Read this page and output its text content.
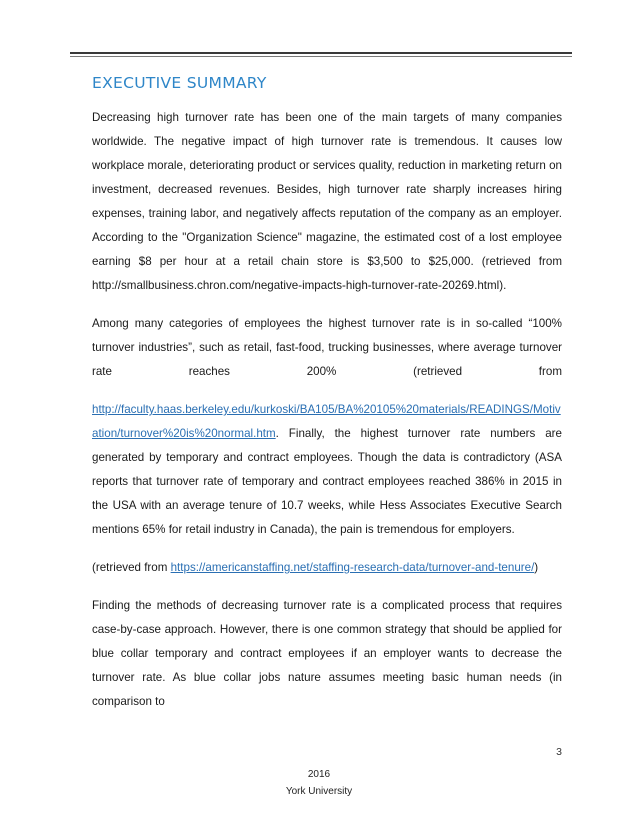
EXECUTIVE SUMMARY

Decreasing high turnover rate has been one of the main targets of many companies worldwide. The negative impact of high turnover rate is tremendous. It causes low workplace morale, deteriorating product or services quality, reduction in marketing return on investment, decreased revenues. Besides, high turnover rate sharply increases hiring expenses, training labor, and negatively affects reputation of the company as an employer. According to the "Organization Science" magazine, the estimated cost of a lost employee earning $8 per hour at a retail chain store is $3,500 to $25,000. (retrieved from http://smallbusiness.chron.com/negative-impacts-high-turnover-rate-20269.html).

Among many categories of employees the highest turnover rate is in so-called “100% turnover industries”, such as retail, fast-food, trucking businesses, where average turnover rate reaches 200% (retrieved from

http://faculty.haas.berkeley.edu/kurkoski/BA105/BA%20105%20materials/READINGS/Motivation/turnover%20is%20normal.htm. Finally, the highest turnover rate numbers are generated by temporary and contract employees. Though the data is contradictory (ASA reports that turnover rate of temporary and contract employees reached 386% in 2015 in the USA with an average tenure of 10.7 weeks, while Hess Associates Executive Search mentions 65% for retail industry in Canada), the pain is tremendous for employers.

(retrieved from https://americanstaffing.net/staffing-research-data/turnover-and-tenure/)

Finding the methods of decreasing turnover rate is a complicated process that requires case-by-case approach. However, there is one common strategy that should be applied for blue collar temporary and contract employees if an employer wants to decrease the turnover rate. As blue collar jobs nature assumes meeting basic human needs (in comparison to

3
2016
York University
